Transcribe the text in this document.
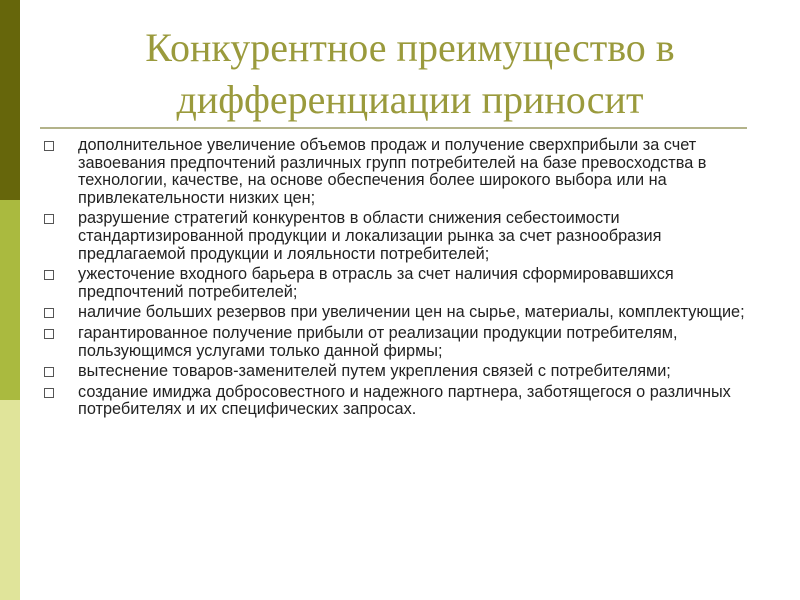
Конкурентное преимущество в
дифференциации приносит
дополнительное увеличение объемов продаж и получение сверхприбыли за счет завоевания предпочтений различных групп потребителей на базе превосходства в технологии, качестве, на основе обеспечения более широкого выбора или на привлекательности низких цен;
разрушение стратегий конкурентов в области снижения себестоимости стандартизированной продукции и локализации рынка за счет разнообразия предлагаемой продукции и лояльности потребителей;
ужесточение входного барьера в отрасль за счет наличия сформировавшихся предпочтений потребителей;
наличие больших резервов при увеличении цен на сырье, материалы, комплектующие;
гарантированное получение прибыли от реализации продукции потребителям, пользующимся услугами только данной фирмы;
вытеснение товаров-заменителей путем укрепления связей с потребителями;
создание имиджа добросовестного и надежного партнера, заботящегося о различных потребителях и их специфических запросах.
